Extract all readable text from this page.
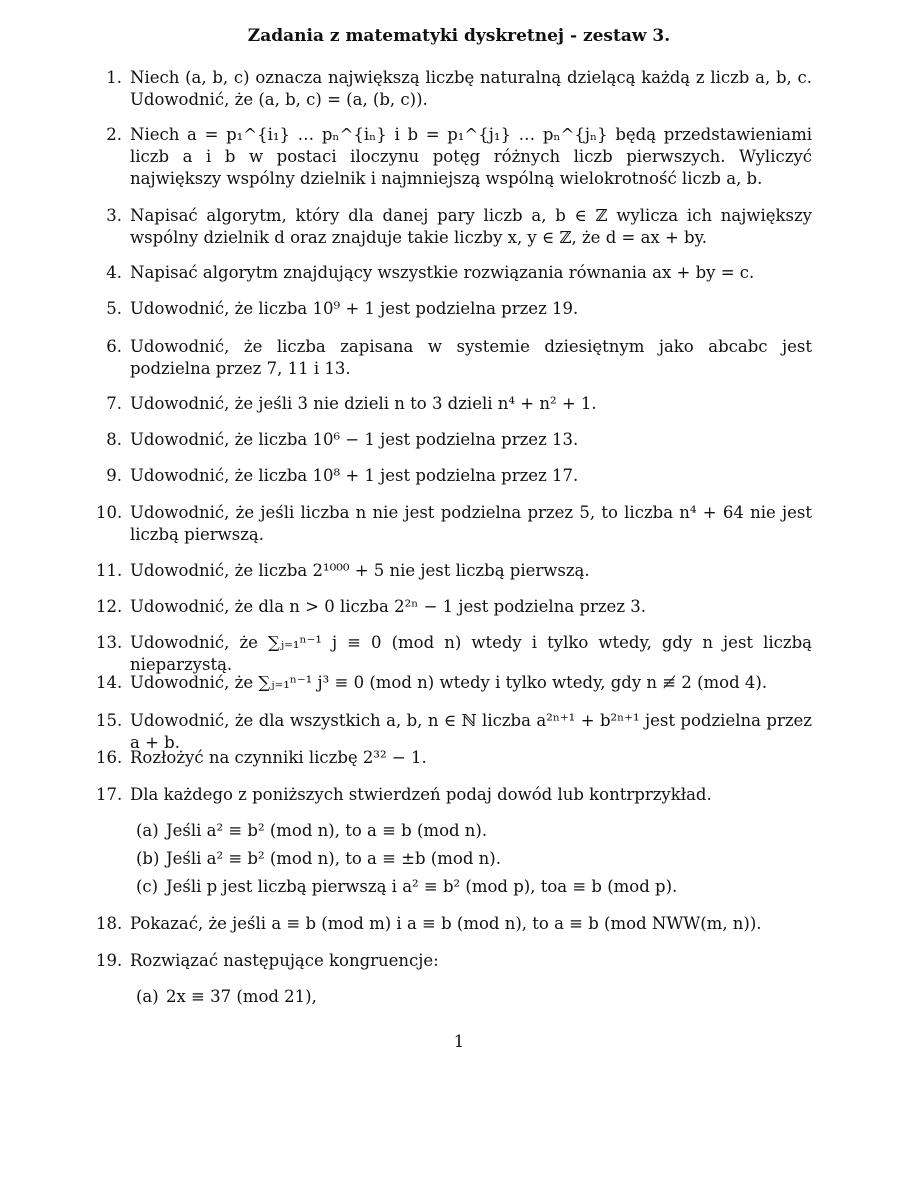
Zadania z matematyki dyskretnej - zestaw 3.
1. Niech (a, b, c) oznacza największą liczbę naturalną dzielącą każdą z liczb a, b, c. Udowodnić, że (a, b, c) = (a, (b, c)).
2. Niech a = p₁^{i₁} … pₙ^{iₙ} i b = p₁^{j₁} … pₙ^{jₙ} będą przedstawieniami liczb a i b w postaci iloczynu potęg różnych liczb pierwszych. Wyliczyć największy wspólny dzielnik i najmniejszą wspólną wielokrotność liczb a, b.
3. Napisać algorytm, który dla danej pary liczb a, b ∈ ℤ wylicza ich największy wspólny dzielnik d oraz znajduje takie liczby x, y ∈ ℤ, że d = ax + by.
4. Napisać algorytm znajdujący wszystkie rozwiązania równania ax + by = c.
5. Udowodnić, że liczba 10⁹ + 1 jest podzielna przez 19.
6. Udowodnić, że liczba zapisana w systemie dziesiętnym jako abcabc jest podzielna przez 7, 11 i 13.
7. Udowodnić, że jeśli 3 nie dzieli n to 3 dzieli n⁴ + n² + 1.
8. Udowodnić, że liczba 10⁶ − 1 jest podzielna przez 13.
9. Udowodnić, że liczba 10⁸ + 1 jest podzielna przez 17.
10. Udowodnić, że jeśli liczba n nie jest podzielna przez 5, to liczba n⁴ + 64 nie jest liczbą pierwszą.
11. Udowodnić, że liczba 2¹⁰⁰⁰ + 5 nie jest liczbą pierwszą.
12. Udowodnić, że dla n > 0 liczba 2²ⁿ − 1 jest podzielna przez 3.
13. Udowodnić, że ∑ⱼ₌₁ⁿ⁻¹ j ≡ 0 (mod n) wtedy i tylko wtedy, gdy n jest liczbą nieparzystą.
14. Udowodnić, że ∑ⱼ₌₁ⁿ⁻¹ j³ ≡ 0 (mod n) wtedy i tylko wtedy, gdy n ≢ 2 (mod 4).
15. Udowodnić, że dla wszystkich a, b, n ∈ ℕ liczba a²ⁿ⁺¹ + b²ⁿ⁺¹ jest podzielna przez a + b.
16. Rozłożyć na czynniki liczbę 2³² − 1.
17. Dla każdego z poniższych stwierdzeń podaj dowód lub kontrprzykład.
(a) Jeśli a² ≡ b² (mod n), to a ≡ b (mod n).
(b) Jeśli a² ≡ b² (mod n), to a ≡ ±b (mod n).
(c) Jeśli p jest liczbą pierwszą i a² ≡ b² (mod p), toa ≡ b (mod p).
18. Pokazać, że jeśli a ≡ b (mod m) i a ≡ b (mod n), to a ≡ b (mod NWW(m, n)).
19. Rozwiązać następujące kongruencje:
(a) 2x ≡ 37 (mod 21),
1
